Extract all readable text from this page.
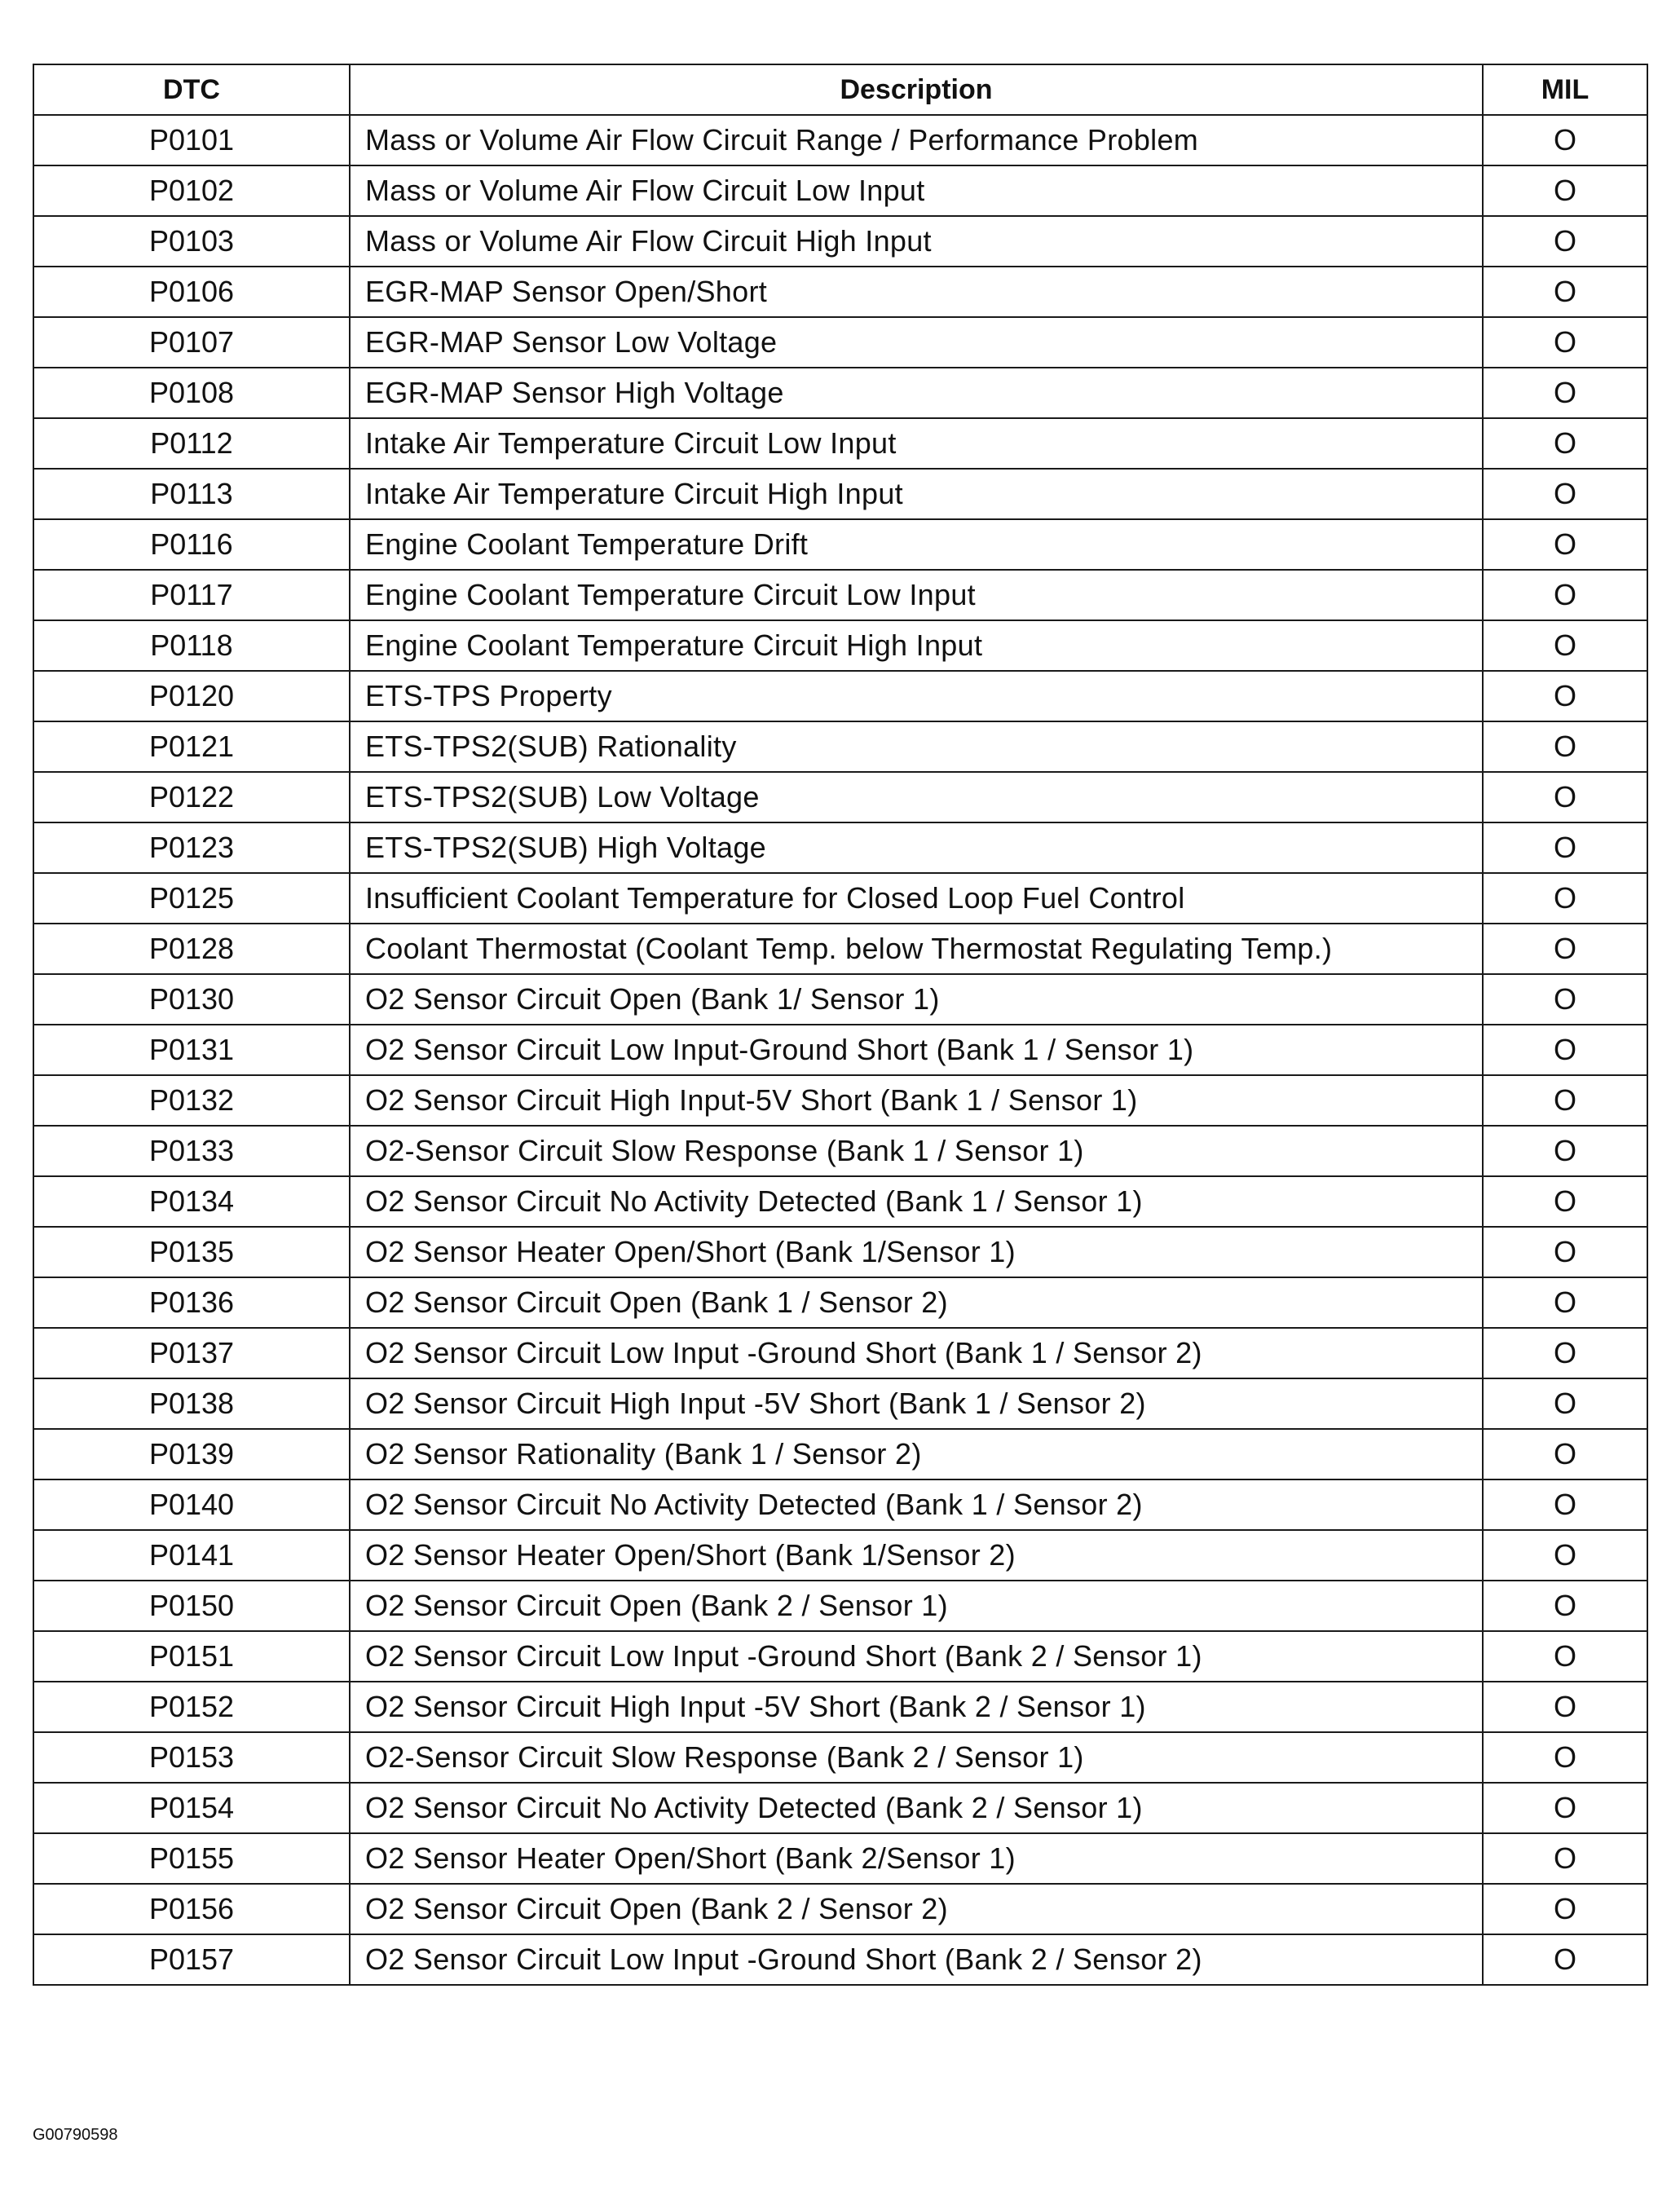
DTC	Description	MIL
P0101	Mass or Volume Air Flow Circuit Range / Performance Problem	O
P0102	Mass or Volume Air Flow Circuit Low Input	O
P0103	Mass or Volume Air Flow Circuit High Input	O
P0106	EGR-MAP Sensor Open/Short	O
P0107	EGR-MAP Sensor Low Voltage	O
P0108	EGR-MAP Sensor High Voltage	O
P0112	Intake Air Temperature Circuit Low Input	O
P0113	Intake Air Temperature Circuit High Input	O
P0116	Engine Coolant Temperature Drift	O
P0117	Engine Coolant Temperature Circuit Low Input	O
P0118	Engine Coolant Temperature Circuit High Input	O
P0120	ETS-TPS Property	O
P0121	ETS-TPS2(SUB) Rationality	O
P0122	ETS-TPS2(SUB) Low Voltage	O
P0123	ETS-TPS2(SUB) High Voltage	O
P0125	Insufficient Coolant Temperature for Closed Loop Fuel Control	O
P0128	Coolant Thermostat (Coolant Temp. below Thermostat Regulating Temp.)	O
P0130	O2 Sensor Circuit Open (Bank 1/ Sensor 1)	O
P0131	O2 Sensor Circuit Low Input-Ground Short (Bank 1 / Sensor 1)	O
P0132	O2 Sensor Circuit High Input-5V Short (Bank 1 / Sensor 1)	O
P0133	O2-Sensor Circuit Slow Response (Bank 1 / Sensor 1)	O
P0134	O2 Sensor Circuit No Activity Detected (Bank 1 / Sensor 1)	O
P0135	O2 Sensor Heater Open/Short (Bank 1/Sensor 1)	O
P0136	O2 Sensor Circuit Open (Bank 1 / Sensor 2)	O
P0137	O2 Sensor Circuit Low Input -Ground Short (Bank 1 / Sensor 2)	O
P0138	O2 Sensor Circuit High Input -5V Short (Bank 1 / Sensor 2)	O
P0139	O2 Sensor Rationality (Bank 1 / Sensor 2)	O
P0140	O2 Sensor Circuit No Activity Detected (Bank 1 / Sensor 2)	O
P0141	O2 Sensor Heater Open/Short (Bank 1/Sensor 2)	O
P0150	O2 Sensor Circuit Open (Bank 2 / Sensor 1)	O
P0151	O2 Sensor Circuit Low Input -Ground Short (Bank 2 / Sensor 1)	O
P0152	O2 Sensor Circuit High Input -5V Short (Bank 2 / Sensor 1)	O
P0153	O2-Sensor Circuit Slow Response (Bank 2 / Sensor 1)	O
P0154	O2 Sensor Circuit No Activity Detected (Bank 2 / Sensor 1)	O
P0155	O2 Sensor Heater Open/Short (Bank 2/Sensor 1)	O
P0156	O2 Sensor Circuit Open (Bank 2 / Sensor 2)	O
P0157	O2 Sensor Circuit Low Input -Ground Short (Bank 2 / Sensor 2)	O
G00790598
